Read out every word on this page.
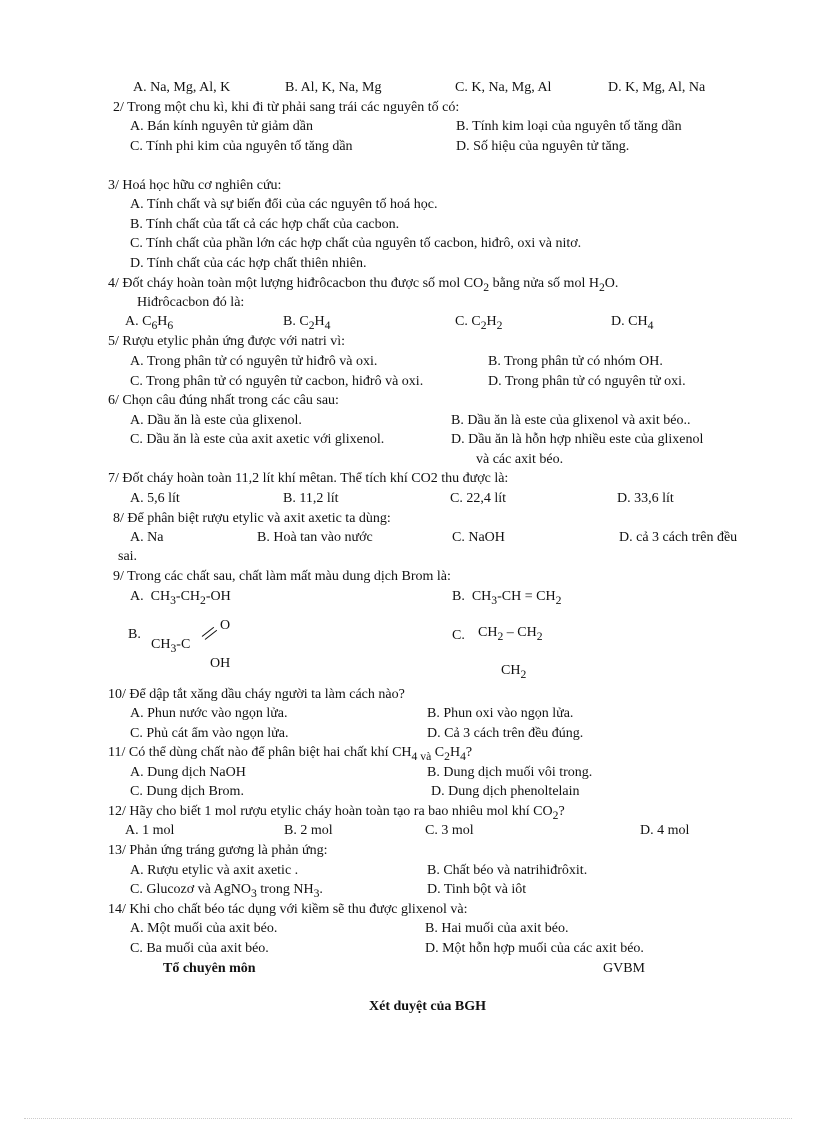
A. Na, Mg, Al, K	B. Al, K, Na, Mg	C. K, Na, Mg, Al	D. K, Mg, Al, Na
2/ Trong một chu kì, khi đi từ phải sang trái các nguyên tố có:
A. Bán kính nguyên tử giảm dần	B. Tính kim loại của nguyên tố tăng dần
C. Tính phi kim của nguyên tố tăng dần	D. Số hiệu của nguyên tử tăng.
3/ Hoá học hữu cơ nghiên cứu:
A. Tính chất và sự biến đổi của các nguyên tố hoá học.
B. Tính chất của tất cả các hợp chất của cacbon.
C. Tính chất của phần lớn các hợp chất của nguyên tố cacbon, hiđrô, oxi và nitơ.
D. Tính chất của các hợp chất thiên nhiên.
4/ Đốt cháy hoàn toàn một lượng hiđrôcacbon thu được số mol $CO_2$ bằng nửa số mol $H_2O$.
Hiđrôcacbon đó là:
A. $C_6H_6$	B. $C_2H_4$	C. $C_2H_2$	D. $CH_4$
5/ Rượu etylic phản ứng được với natri vì:
A. Trong phân tử có nguyên tử hiđrô và oxi.	B. Trong phân tử có nhóm OH.
C. Trong phân tử có nguyên tử cacbon, hiđrô và oxi.	D. Trong phân tử có nguyên tử oxi.
6/ Chọn câu đúng nhất trong các câu sau:
A. Dầu ăn là este của glixenol.	B. Dầu ăn là este của glixenol và axit béo..
C. Dầu ăn là este của axit axetic với glixenol.	D. Dầu ăn là hỗn hợp nhiều este của glixenol
và các axit béo.
7/ Đốt cháy hoàn toàn 11,2 lít khí mêtan. Thể tích khí CO2 thu được là:
A. 5,6 lít	B. 11,2 lít	C. 22,4 lít	D. 33,6 lít
8/ Để phân biệt rượu etylic và axit axetic ta dùng:
A. Na	B. Hoà tan vào nước	C. NaOH	D. cả 3 cách trên đều
sai.
9/ Trong các chất sau, chất làm mất màu dung dịch Brom là:
A. $CH_3-CH_2-OH$	B. $CH_3-CH = CH_2$
B.
$CH_3-C$
O
OH
C. $CH_2 - CH_2$
$CH_2$
10/ Để dập tắt xăng dầu cháy người ta làm cách nào?
A. Phun nước vào ngọn lửa.	B. Phun oxi vào ngọn lửa.
C. Phủ cát ẩm vào ngọn lửa.	D. Cả 3 cách trên đều đúng.
11/ Có thể dùng chất nào để phân biệt hai chất khí $CH_{4 và}$ $C_2H_4$?
A. Dung dịch NaOH	B. Dung dịch muối vôi trong.
C. Dung dịch Brom.	D. Dung dịch phenoltelain
12/ Hãy cho biết 1 mol rượu etylic cháy hoàn toàn tạo ra bao nhiêu mol khí $CO_2$?
A. 1 mol	B. 2 mol	C. 3 mol	D. 4 mol
13/ Phản ứng tráng gương là phản ứng:
A. Rượu etylic và axit axetic .	B. Chất béo và natrihiđrôxit.
C. Glucozơ và AgNO$_3$ trong $NH_3$.	D. Tinh bột và iôt
14/ Khi cho chất béo tác dụng với kiềm sẽ thu được glixenol và:
A. Một muối của axit béo.	B. Hai muối của axit béo.
C. Ba muối của axit béo.	D. Một hỗn hợp muối của các axit béo.
Tổ chuyên môn	GVBM
Xét duyệt của BGH
